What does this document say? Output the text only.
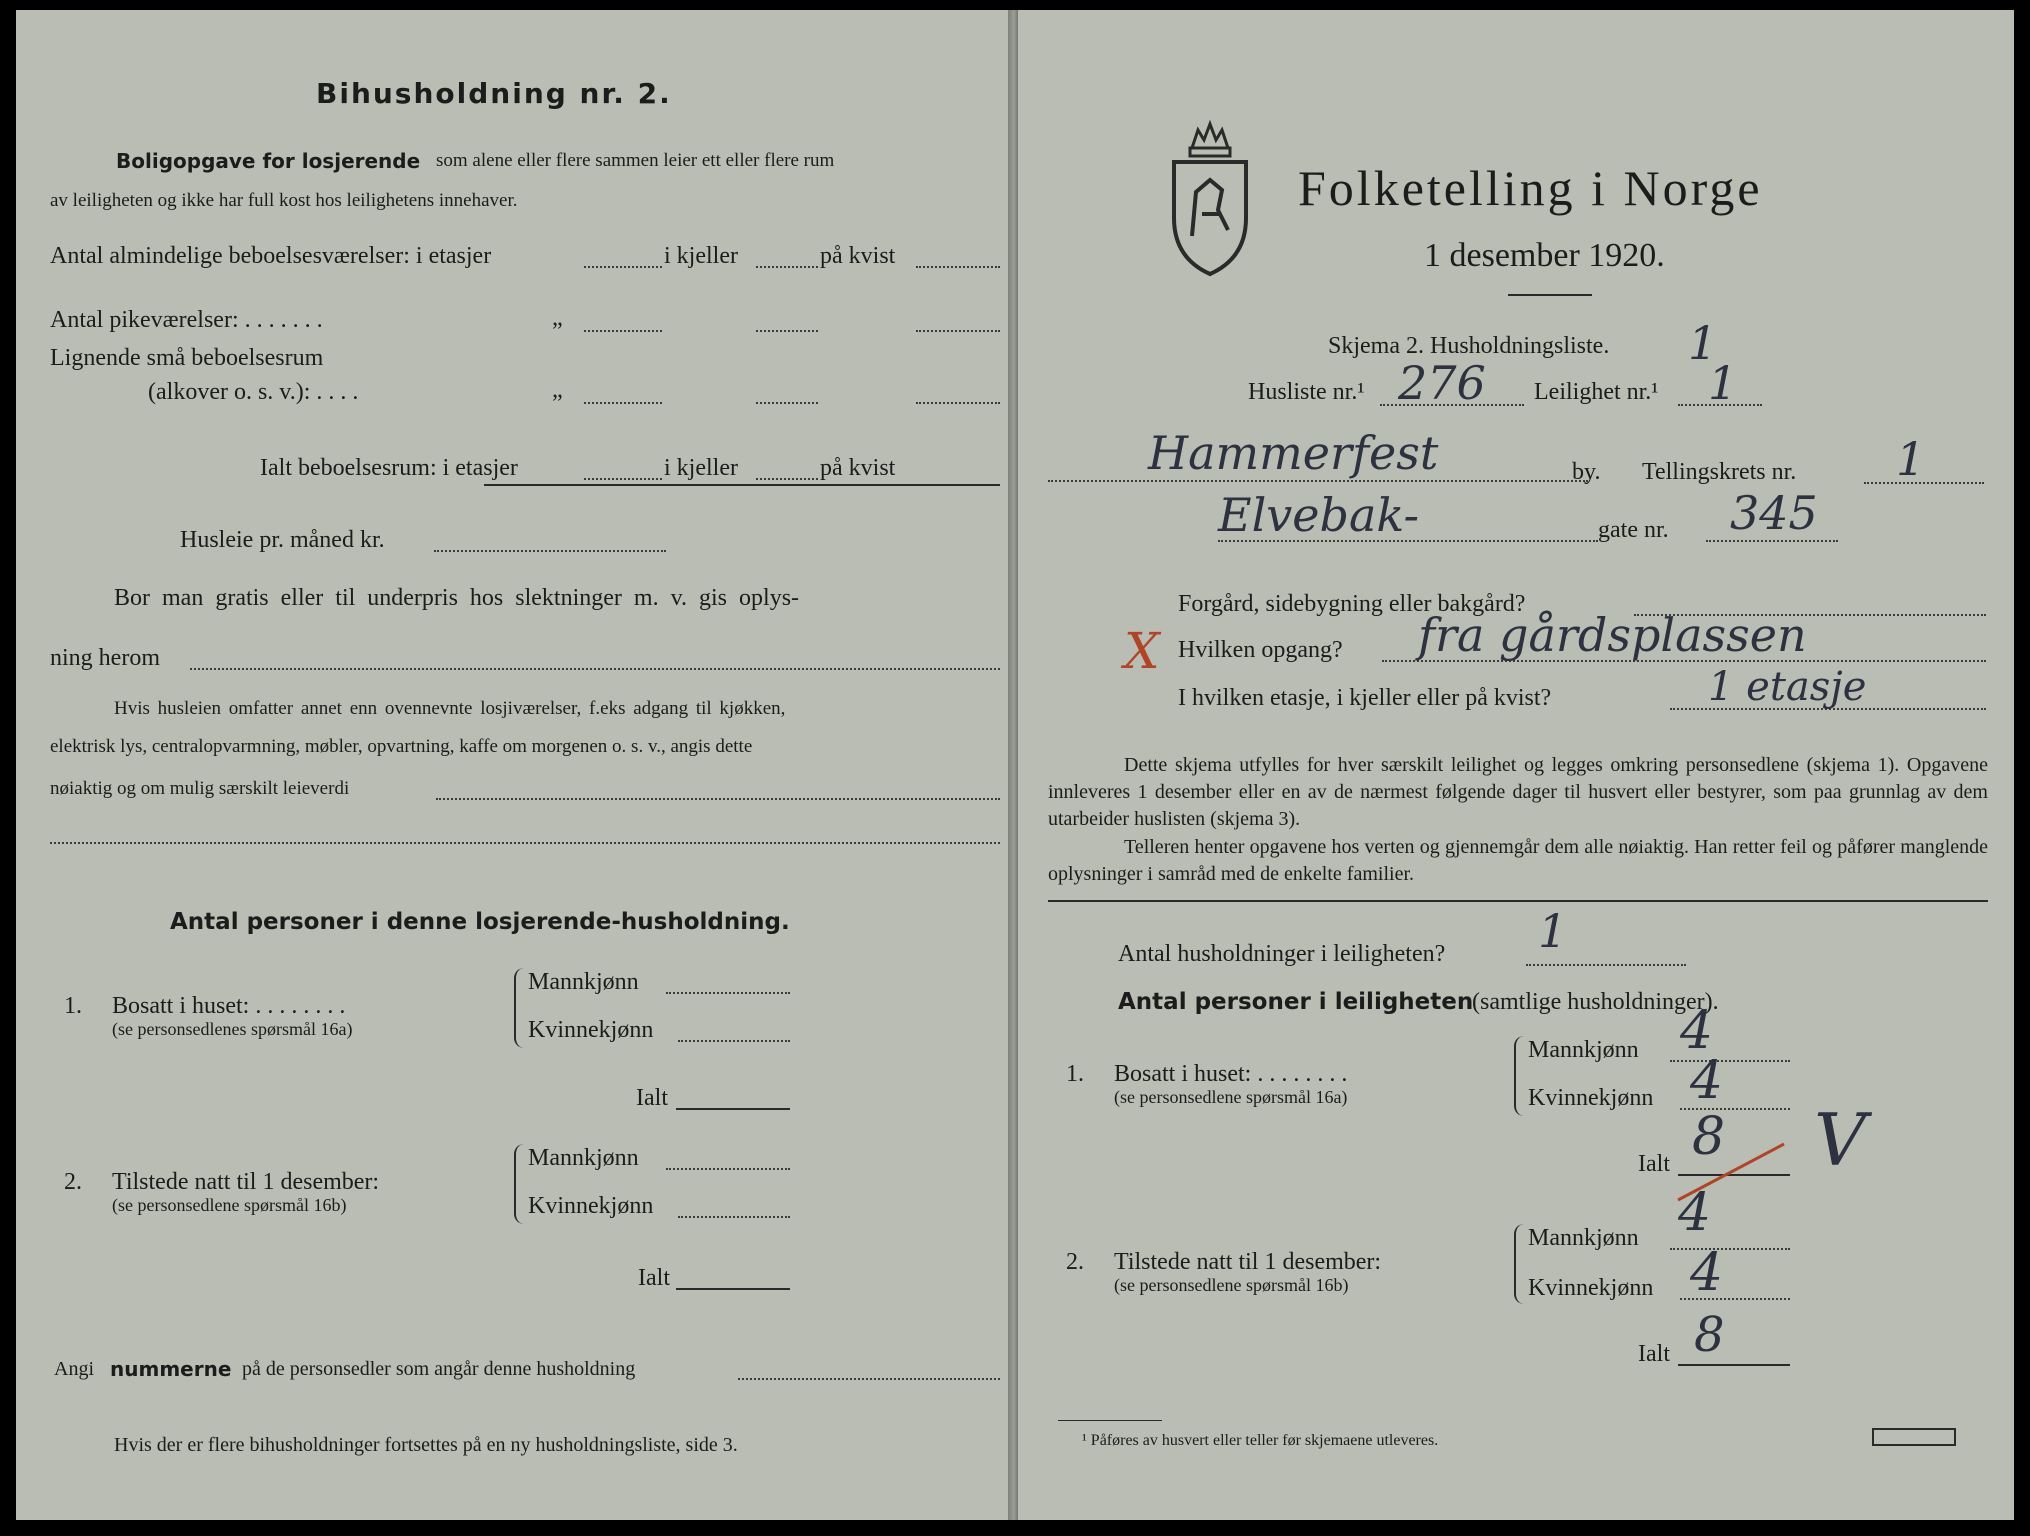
Bihusholdning nr. 2.
Boligopgave for losjerende som alene eller flere sammen leier ett eller flere rum
av leiligheten og ikke har full kost hos leilighetens innehaver.
Antal almindelige beboelsesværelser: i etasjer	i kjeller	på kvist
Antal pikeværelser: . . . . . . .	„
Lignende små beboelsesrum
(alkover o. s. v.): . . . .	„
Ialt beboelsesrum: i etasjer	i kjeller	på kvist
Husleie pr. måned kr.
Bor man gratis eller til underpris hos slektninger m. v. gis oplys-
ning herom
Hvis husleien omfatter annet enn ovennevnte losjiværelser, f.eks adgang til kjøkken,
elektrisk lys, centralopvarmning, møbler, opvartning, kaffe om morgenen o. s. v., angis dette
nøiaktig og om mulig særskilt leieverdi
Antal personer i denne losjerende-husholdning.
1. Bosatt i huset: . . . . . . . .
(se personsedlenes spørsmål 16a)
Mannkjønn
Kvinnekjønn
Ialt
2. Tilstede natt til 1 desember:
(se personsedlene spørsmål 16b)
Mannkjønn
Kvinnekjønn
Ialt
Angi nummerne på de personsedler som angår denne husholdning
Hvis der er flere bihusholdninger fortsettes på en ny husholdningsliste, side 3.
Folketelling i Norge
1 desember 1920.
Skjema 2. Husholdningsliste. 1
Husliste nr.¹ 276 Leilighet nr.¹ 1
Hammerfest	by. Tellingskrets nr. 1
Elvebak-	gate nr. 345
Forgård, sidebygning eller bakgård?
X Hvilken opgang? fra gårdsplassen
I hvilken etasje, i kjeller eller på kvist?	1 etasje
Dette skjema utfylles for hver særskilt leilighet og legges omkring personsedlene (skjema 1). Opgavene innleveres 1 desember eller en av de nærmest følgende dager til husvert eller bestyrer, som paa grunnlag av dem utarbeider huslisten (skjema 3).
Telleren henter opgavene hos verten og gjennemgår dem alle nøiaktig. Han retter feil og påfører manglende oplysninger i samråd med de enkelte familier.
Antal husholdninger i leiligheten? 1
Antal personer i leiligheten
(samtlige husholdninger).
1. Bosatt i huset: . . . . . . . .
(se personsedlene spørsmål 16a)
Mannkjønn 4
Kvinnekjønn 4
Ialt 8 V
2. Tilstede natt til 1 desember:
(se personsedlene spørsmål 16b)
Mannkjønn 4
Kvinnekjønn 4
Ialt 8
¹ Påføres av husvert eller teller før skjemaene utleveres.
